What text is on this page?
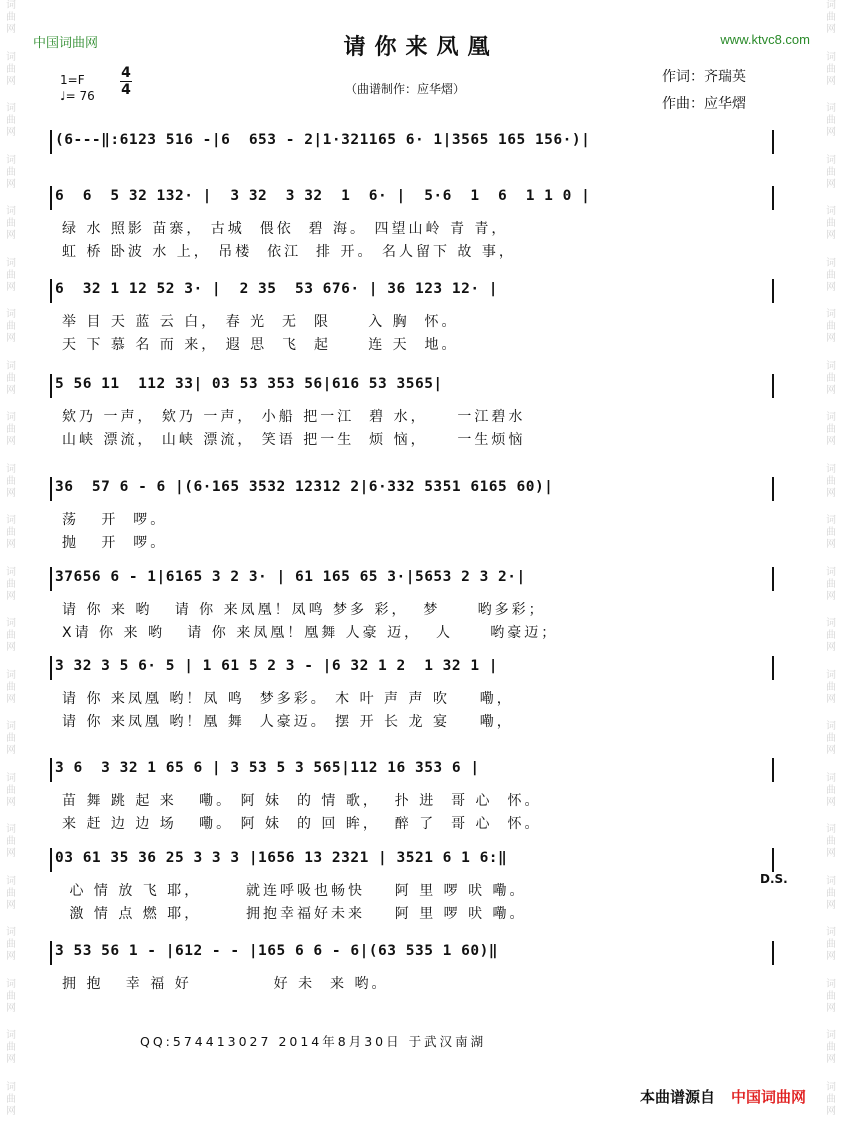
词
曲
网
词
曲
网
词
曲
网
词
曲
网
词
曲
网
词
曲
网
词
曲
网
词
曲
网
词
曲
网
词
曲
网
词
曲
网
词
曲
网
词
曲
网
词
曲
网
词
曲
网
词
曲
网
词
曲
网
词
曲
网
词
曲
网
词
曲
网
词
曲
网
词
曲
网
词
曲
网
词
曲
网
词
曲
网
词
曲
网
词
曲
网
词
曲
网
词
曲
网
词
曲
网
词
曲
网
词
曲
网
词
曲
网
词
曲
网
词
曲
网
词
曲
网
词
曲
网
词
曲
网
词
曲
网
词
曲
网
词
曲
网
词
曲
网
词
曲
网
词
曲
网
中国词曲网	www.ktvc8.com
请你来凤凰
1=F
♩= 76
4
4	（曲谱制作：应华熠）
作词：齐瑞英
作曲：应华熠
(6---‖:6123 516 -|6  653 - 2|1·321165 6· 1|3565 165 156·)|
6  6  5 32 132· |  3 32  3 32  1  6· |  5·6  1  6  1 1 0 |
绿 水 照影 苗寨， 古城  偎依  碧 海。 四望山岭 青 青，
虹 桥 卧波 水 上， 吊楼  依江  排 开。 名人留下 故 事，
6  32 1 12 52 3· |  2 35  53 676· | 36 123 12· |
举 目 天 蓝 云 白， 春 光  无  限     入 胸  怀。
天 下 慕 名 而 来， 遐 思  飞  起     连 天  地。
5 56 11  112 33| 03 53 353 56|616 53 3565|
欸乃 一声， 欸乃 一声， 小船 把一江  碧 水，    一江碧水
山峡 漂流， 山峡 漂流， 笑语 把一生  烦 恼，    一生烦恼
36  57 6 - 6 |(6·165 3532 12312 2|6·332 5351 6165 60)|
荡   开  啰。
抛   开  啰。
37656 6 - 1|6165 3 2 3· | 61 165 65 3·|5653 2 3 2·|
请 你 来 哟   请 你 来凤凰！凤鸣 梦多 彩，  梦     哟多彩；
X请 你 来 哟   请 你 来凤凰！凰舞 人豪 迈，  人     哟豪迈；
3 32 3 5 6· 5 | 1 61 5 2 3 - |6 32 1 2  1 32 1 |
请 你 来凤凰 哟！凤 鸣  梦多彩。 木 叶 声 声 吹    嘞，
请 你 来凤凰 哟！凰 舞  人豪迈。 摆 开 长 龙 宴    嘞，
3 6  3 32 1 65 6 | 3 53 5 3 565|112 16 353 6 |
苗 舞 跳 起 来   嘞。 阿 妹  的 情 歌，  扑 进  哥 心  怀。
来 赶 边 边 场   嘞。 阿 妹  的 回 眸，  醉 了  哥 心  怀。
03 61 35 36 25 3 3 3 |1656 13 2321 | 3521 6 1 6:‖
心 情 放 飞 耶，      就连呼吸也畅快    阿 里 啰 吠 嘞。
激 情 点 燃 耶，      拥抱幸福好未来    阿 里 啰 吠 嘞。
3 53 56 1 - |612 - - |165 6 6 - 6|(63 535 1 60)‖
拥 抱   幸 福 好           好 未  来 哟。
D.S.
QQ:574413027 2014年8月30日 于武汉南湖
本曲谱源自 中国词曲网
